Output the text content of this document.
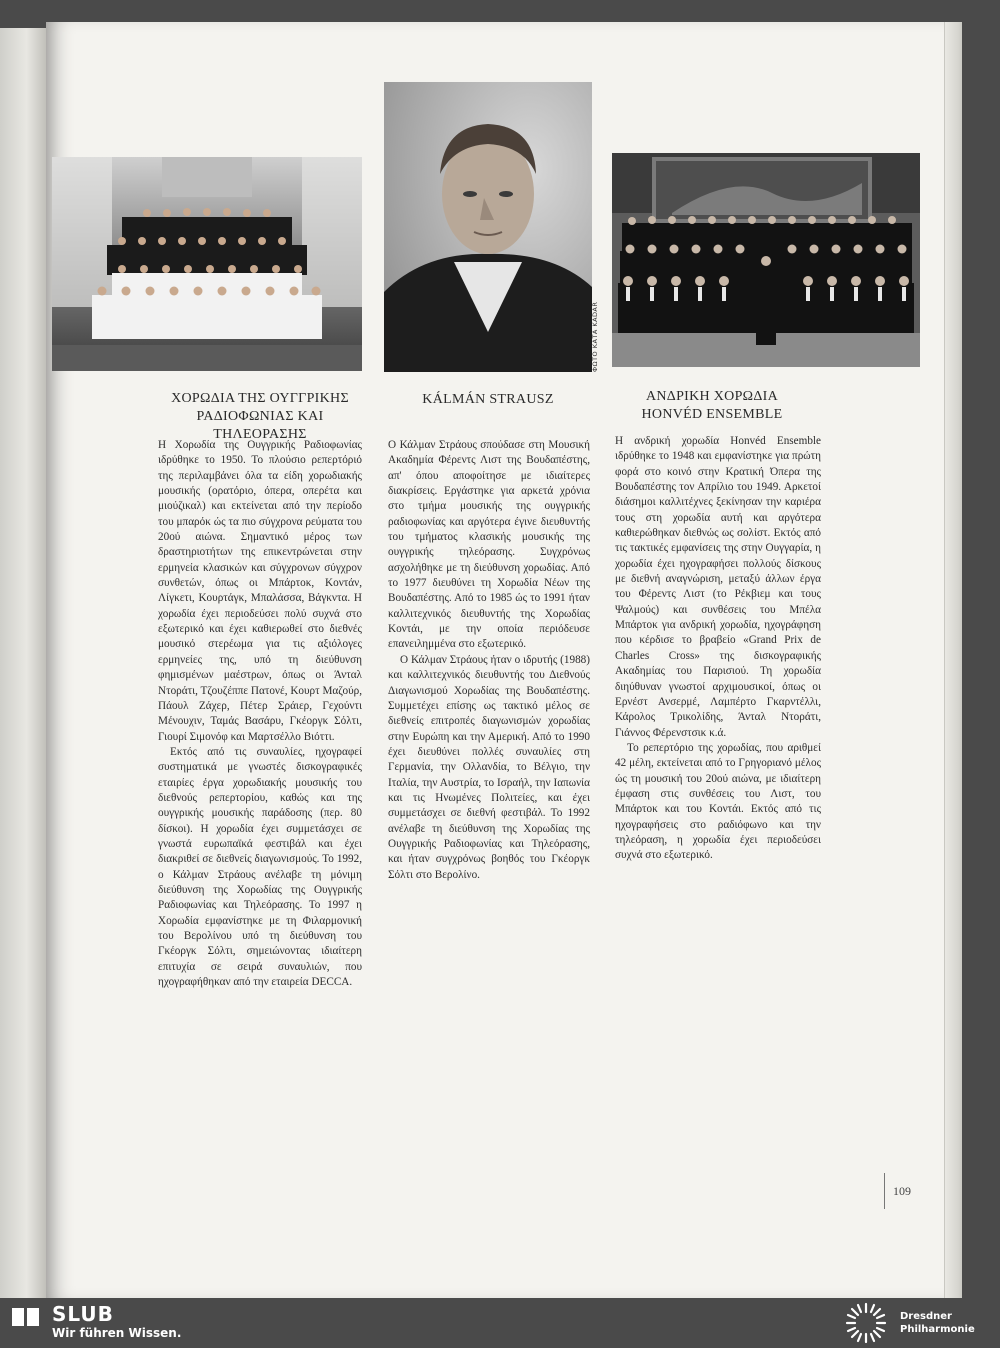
ΦΩΤΟ ΚΑΤΑ KÁDÁR
ΧΟΡΩΔΙΑ ΤΗΣ ΟΥΓΓΡΙΚΗΣ
ΡΑΔΙΟΦΩΝΙΑΣ ΚΑΙ ΤΗΛΕΟΡΑΣΗΣ
KÁLMÁN STRAUSZ	ΑΝΔΡΙΚΗ ΧΟΡΩΔΙΑ
HONVÉD ENSEMBLE

Η Χορωδία της Ουγγρικής Ραδιοφωνίας ιδρύθηκε το 1950. Το πλούσιο ρεπερτόριό της περιλαμβάνει όλα τα είδη χορωδιακής μουσικής (ορατόριο, όπερα, οπερέτα και μιούζικαλ) και εκτείνεται από την περίοδο του μπαρόκ ώς τα πιο σύγχρονα ρεύματα του 20ού αιώνα. Σημαντικό μέρος των δραστηριοτήτων της επικεντρώνεται στην ερμηνεία κλασικών και σύγχρονων σύγχρον συνθετών, όπως οι Μπάρτοκ, Κοντάν, Λίγκετι, Κουρτάγκ, Μπαλάσσα, Βάγκντα. Η χορωδία έχει περιοδεύσει πολύ συχνά στο εξωτερικό και έχει καθιερωθεί στο διεθνές μουσικό στερέωμα για τις αξιόλογες ερμηνείες της, υπό τη διεύθυνση φημισμένων μαέστρων, όπως οι Άνταλ Ντοράτι, Τζουζέππε Πατονέ, Κουρτ Μαζούρ, Πάουλ Ζάχερ, Πέτερ Σράιερ, Γεχούντι Μένουχιν, Ταμάς Βασάρυ, Γκέοργκ Σόλτι, Γιουρί Σιμονόφ και Μαρτσέλλο Βιόττι.

Εκτός από τις συναυλίες, ηχογραφεί συστηματικά με γνωστές δισκογραφικές εταιρίες έργα χορωδιακής μουσικής του διεθνούς ρεπερτορίου, καθώς και της ουγγρικής μουσικής παράδοσης (περ. 80 δίσκοι). Η χορωδία έχει συμμετάσχει σε γνωστά ευρωπαϊκά φεστιβάλ και έχει διακριθεί σε διεθνείς διαγωνισμούς. Το 1992, ο Κάλμαν Στράους ανέλαβε τη μόνιμη διεύθυνση της Χορωδίας της Ουγγρικής Ραδιοφωνίας και Τηλεόρασης. Το 1997 η Χορωδία εμφανίστηκε με τη Φιλαρμονική του Βερολίνου υπό τη διεύθυνση του Γκέοργκ Σόλτι, σημειώνοντας ιδιαίτερη επιτυχία σε σειρά συναυλιών, που ηχογραφήθηκαν από την εταιρεία DECCA.

Ο Κάλμαν Στράους σπούδασε στη Μουσική Ακαδημία Φέρεντς Λιστ της Βουδαπέστης, απ' όπου αποφοίτησε με ιδιαίτερες διακρίσεις. Εργάστηκε για αρκετά χρόνια στο τμήμα μουσικής της ουγγρικής ραδιοφωνίας και αργότερα έγινε διευθυντής του τμήματος κλασικής μουσικής της ουγγρικής τηλεόρασης. Συγχρόνως ασχολήθηκε με τη διεύθυνση χορωδίας. Από το 1977 διευθύνει τη Χορωδία Νέων της Βουδαπέστης. Από το 1985 ώς το 1991 ήταν καλλιτεχνικός διευθυντής της Χορωδίας Κοντάι, με την οποία περιόδευσε επανειλημμένα στο εξωτερικό.

Ο Κάλμαν Στράους ήταν ο ιδρυτής (1988) και καλλιτεχνικός διευθυντής του Διεθνούς Διαγωνισμού Χορωδίας της Βουδαπέστης. Συμμετέχει επίσης ως τακτικό μέλος σε διεθνείς επιτροπές διαγωνισμών χορωδίας στην Ευρώπη και την Αμερική. Από το 1990 έχει διευθύνει πολλές συναυλίες στη Γερμανία, την Ολλανδία, το Βέλγιο, την Ιταλία, την Αυστρία, το Ισραήλ, την Ιαπωνία και τις Ηνωμένες Πολιτείες, και έχει συμμετάσχει σε διεθνή φεστιβάλ. Το 1992 ανέλαβε τη διεύθυνση της Χορωδίας της Ουγγρικής Ραδιοφωνίας και Τηλεόρασης, και ήταν συγχρόνως βοηθός του Γκέοργκ Σόλτι στο Βερολίνο.

Η ανδρική χορωδία Honvéd Ensemble ιδρύθηκε το 1948 και εμφανίστηκε για πρώτη φορά στο κοινό στην Κρατική Όπερα της Βουδαπέστης τον Απρίλιο του 1949. Αρκετοί διάσημοι καλλιτέχνες ξεκίνησαν την καριέρα τους στη χορωδία αυτή και αργότερα καθιερώθηκαν διεθνώς ως σολίστ. Εκτός από τις τακτικές εμφανίσεις της στην Ουγγαρία, η χορωδία έχει ηχογραφήσει πολλούς δίσκους με διεθνή αναγνώριση, μεταξύ άλλων έργα του Φέρεντς Λιστ (το Ρέκβιεμ και τους Ψαλμούς) και συνθέσεις του Μπέλα Μπάρτοκ για ανδρική χορωδία, ηχογράφηση που κέρδισε το βραβείο «Grand Prix de Charles Cross» της δισκογραφικής Ακαδημίας του Παρισιού. Τη χορωδία διηύθυναν γνωστοί αρχιμουσικοί, όπως οι Ερνέστ Ανσερμέ, Λαμπέρτο Γκαρντέλλι, Κάρολος Τρικολίδης, Άνταλ Ντοράτι, Γιάννος Φέρενστσικ κ.ά.

Το ρεπερτόριο της χορωδίας, που αριθμεί 42 μέλη, εκτείνεται από το Γρηγοριανό μέλος ώς τη μουσική του 20ού αιώνα, με ιδιαίτερη έμφαση στις συνθέσεις του Λιστ, του Μπάρτοκ και του Κοντάι. Εκτός από τις ηχογραφήσεις στο ραδιόφωνο και την τηλεόραση, η χορωδία έχει περιοδεύσει συχνά στο εξωτερικό.

109
SLUB
Wir führen Wissen.
Dresdner
Philharmonie
